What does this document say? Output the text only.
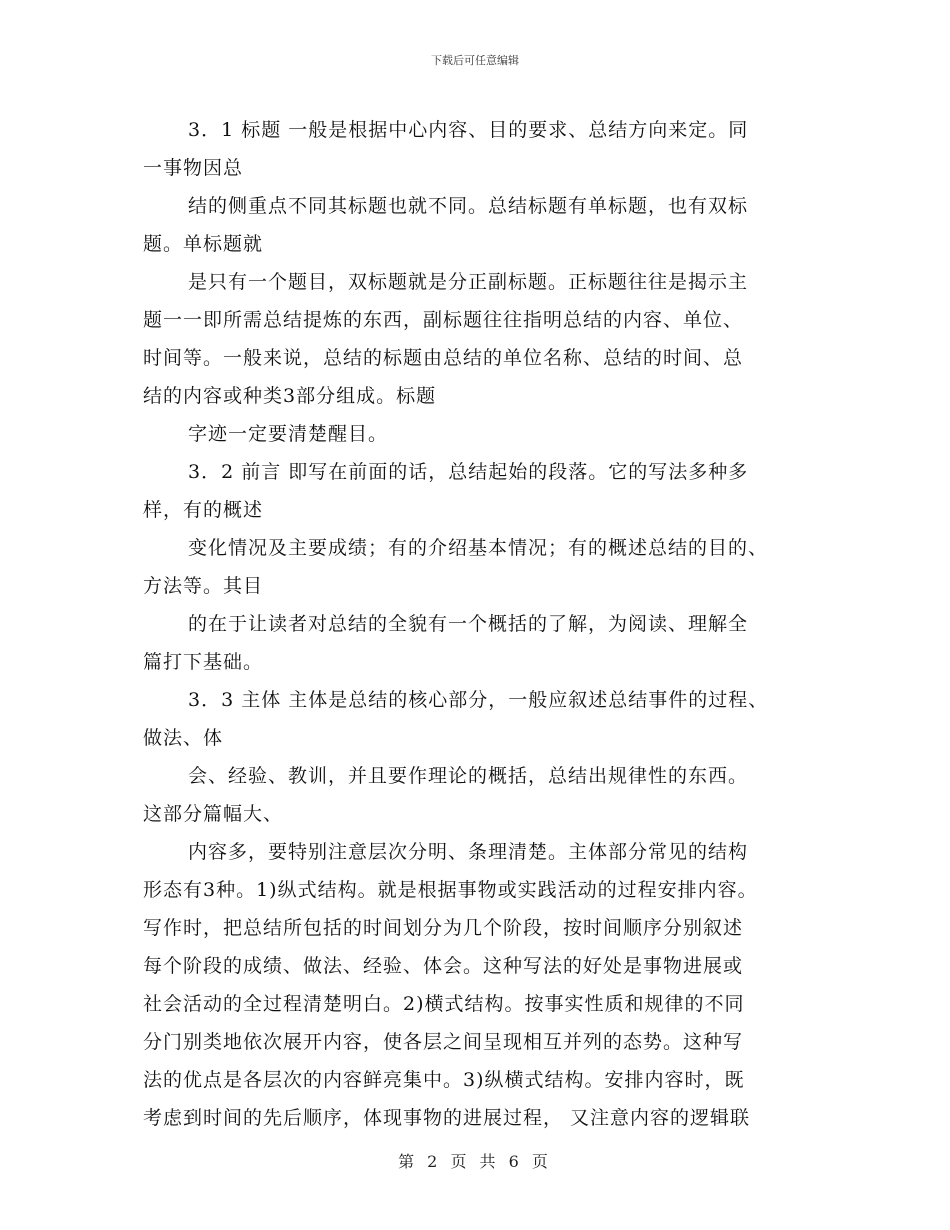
下载后可任意编辑
3．1 标题 一般是根据中心内容、目的要求、总结方向来定。同
一事物因总
结的侧重点不同其标题也就不同。总结标题有单标题，也有双标
题。单标题就
是只有一个题目，双标题就是分正副标题。正标题往往是揭示主
题一一即所需总结提炼的东西，副标题往往指明总结的内容、单位、
时间等。一般来说，总结的标题由总结的单位名称、总结的时间、总
结的内容或种类3部分组成。标题
字迹一定要清楚醒目。
3．2 前言 即写在前面的话，总结起始的段落。它的写法多种多
样，有的概述
变化情况及主要成绩；有的介绍基本情况；有的概述总结的目的、
方法等。其目
的在于让读者对总结的全貌有一个概括的了解，为阅读、理解全
篇打下基础。
3．3 主体 主体是总结的核心部分，一般应叙述总结事件的过程、
做法、体
会、经验、教训，并且要作理论的概括，总结出规律性的东西。
这部分篇幅大、
内容多，要特别注意层次分明、条理清楚。主体部分常见的结构
形态有3种。1)纵式结构。就是根据事物或实践活动的过程安排内容。
写作时，把总结所包括的时间划分为几个阶段，按时间顺序分别叙述
每个阶段的成绩、做法、经验、体会。这种写法的好处是事物进展或
社会活动的全过程清楚明白。2)横式结构。按事实性质和规律的不同
分门别类地依次展开内容，使各层之间呈现相互并列的态势。这种写
法的优点是各层次的内容鲜亮集中。3)纵横式结构。安排内容时，既
考虑到时间的先后顺序，体现事物的进展过程， 又注意内容的逻辑联
第 2 页 共 6 页
